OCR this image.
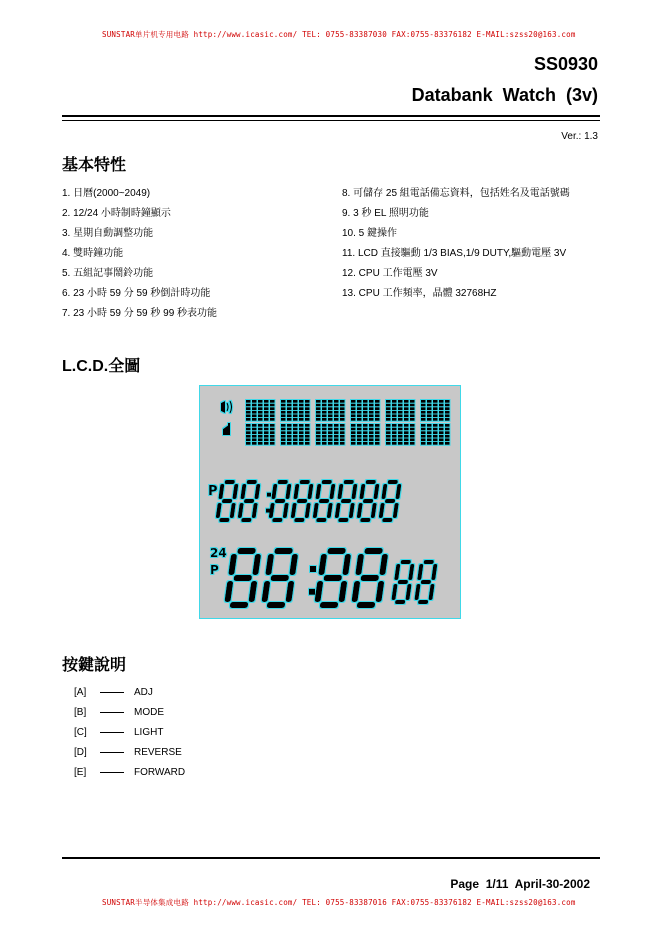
SUNSTAR单片机专用电路 http://www.icasic.com/ TEL: 0755-83387030 FAX:0755-83376182 E-MAIL:szss20@163.com
SS0930
Databank  Watch  (3v)
Ver.: 1.3
基本特性
1. 日曆(2000~2049)
2. 12/24 小時制時鐘顯示
3. 星期自動調整功能
4. 雙時鐘功能
5. 五組記事鬧鈴功能
6. 23 小時 59 分 59 秒倒計時功能
7. 23 小時 59 分 59 秒 99 秒表功能
8. 可儲存 25 組電話備忘資料，包括姓名及電話號碼
9. 3 秒 EL 照明功能
10. 5 鍵操作
11. LCD 直接驅動 1/3 BIAS,1/9 DUTY,驅動電壓 3V
12. CPU 工作電壓 3V
13. CPU 工作頻率，晶體 32768HZ
L.C.D.全圖
P
24
P
按鍵說明
[A]	ADJ
[B]	MODE
[C]	LIGHT
[D]	REVERSE
[E]	FORWARD
Page  1/11  April-30-2002
SUNSTAR半导体集成电路 http://www.icasic.com/ TEL: 0755-83387016 FAX:0755-83376182 E-MAIL:szss20@163.com
